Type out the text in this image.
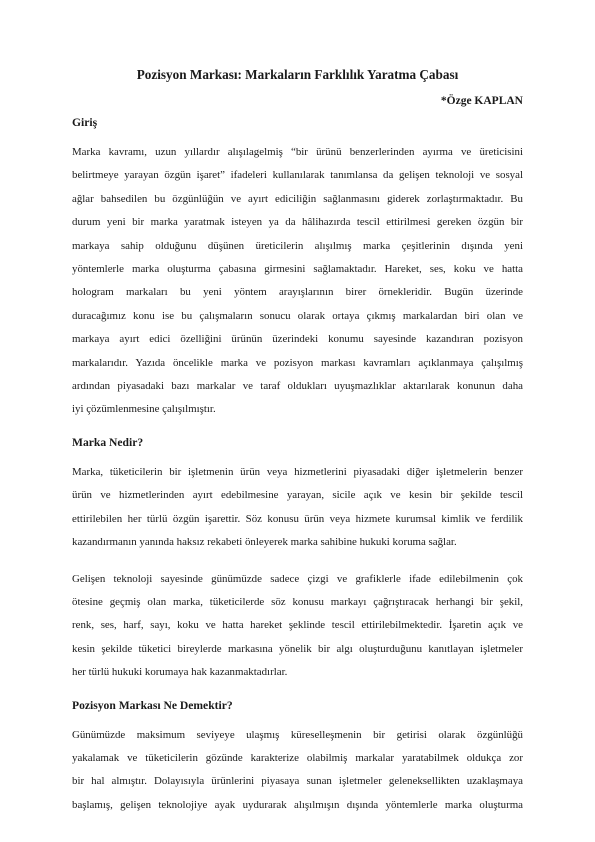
Pozisyon Markası: Markaların Farklılık Yaratma Çabası
*Özge KAPLAN
Giriş

Marka kavramı, uzun yıllardır alışılagelmiş “bir ürünü benzerlerinden ayırma ve üreticisini
belirtmeye yarayan özgün işaret” ifadeleri kullanılarak tanımlansa da gelişen teknoloji ve sosyal
ağlar bahsedilen bu özgünlüğün ve ayırt ediciliğin sağlanmasını giderek zorlaştırmaktadır. Bu
durum yeni bir marka yaratmak isteyen ya da hâlihazırda tescil ettirilmesi gereken özgün bir
markaya sahip olduğunu düşünen üreticilerin alışılmış marka çeşitlerinin dışında yeni
yöntemlerle marka oluşturma çabasına girmesini sağlamaktadır. Hareket, ses, koku ve hatta
hologram markaları bu yeni yöntem arayışlarının birer örnekleridir. Bugün üzerinde
duracağımız konu ise bu çalışmaların sonucu olarak ortaya çıkmış markalardan biri olan ve
markaya ayırt edici özelliğini ürünün üzerindeki konumu sayesinde kazandıran pozisyon
markalarıdır. Yazıda öncelikle marka ve pozisyon markası kavramları açıklanmaya çalışılmış
ardından piyasadaki bazı markalar ve taraf oldukları uyuşmazlıklar aktarılarak konunun daha
iyi çözümlenmesine çalışılmıştır.

Marka Nedir?

Marka, tüketicilerin bir işletmenin ürün veya hizmetlerini piyasadaki diğer işletmelerin benzer
ürün ve hizmetlerinden ayırt edebilmesine yarayan, sicile açık ve kesin bir şekilde tescil
ettirilebilen her türlü özgün işarettir. Söz konusu ürün veya hizmete kurumsal kimlik ve ferdilik
kazandırmanın yanında haksız rekabeti önleyerek marka sahibine hukuki koruma sağlar.

Gelişen teknoloji sayesinde günümüzde sadece çizgi ve grafiklerle ifade edilebilmenin çok
ötesine geçmiş olan marka, tüketicilerde söz konusu markayı çağrıştıracak herhangi bir şekil,
renk, ses, harf, sayı, koku ve hatta hareket şeklinde tescil ettirilebilmektedir. İşaretin açık ve
kesin şekilde tüketici bireylerde markasına yönelik bir algı oluşturduğunu kanıtlayan işletmeler
her türlü hukuki korumaya hak kazanmaktadırlar.

Pozisyon Markası Ne Demektir?

Günümüzde maksimum seviyeye ulaşmış küreselleşmenin bir getirisi olarak özgünlüğü
yakalamak ve tüketicilerin gözünde karakterize olabilmiş markalar yaratabilmek oldukça zor
bir hal almıştır. Dolayısıyla ürünlerini piyasaya sunan işletmeler geleneksellikten uzaklaşmaya
başlamış, gelişen teknolojiye ayak uydurarak alışılmışın dışında yöntemlerle marka oluşturma
